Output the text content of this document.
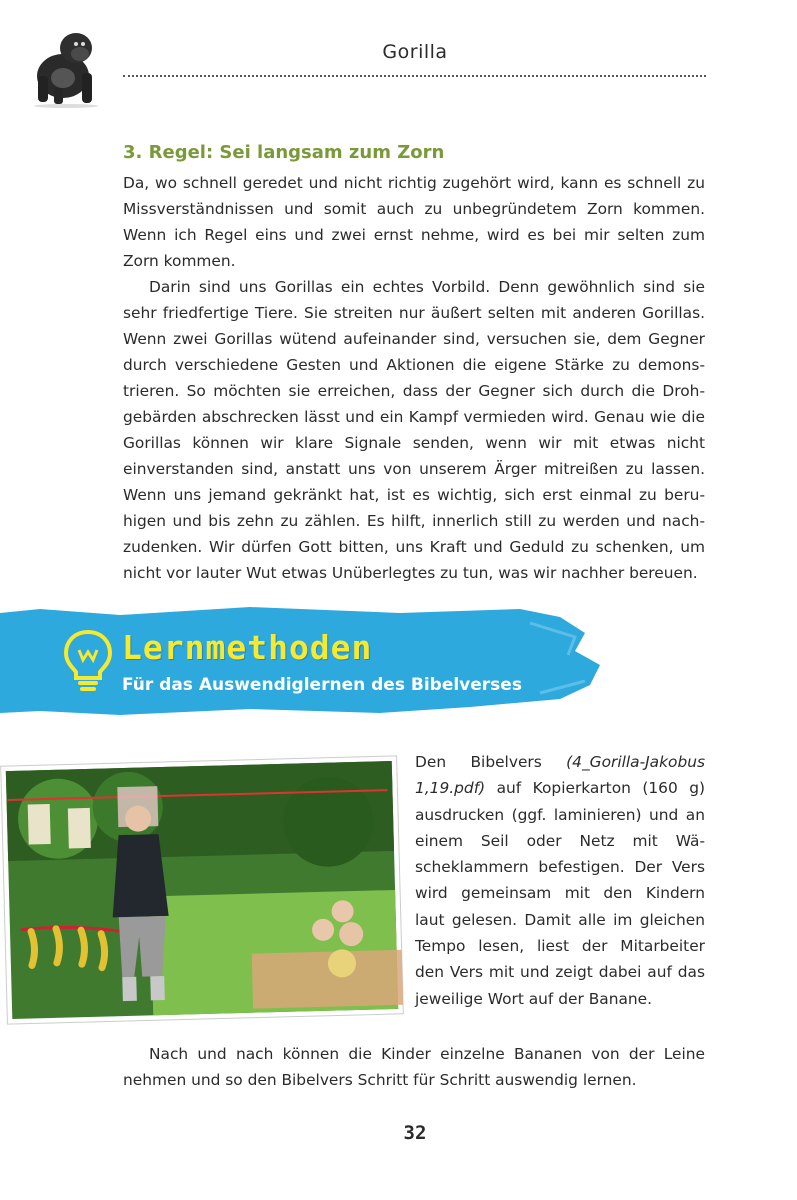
Gorilla
3. Regel: Sei langsam zum Zorn

Da, wo schnell geredet und nicht richtig zugehört wird, kann es schnell zu Missverständnissen und somit auch zu unbegründetem Zorn kommen. Wenn ich Regel eins und zwei ernst nehme, wird es bei mir selten zum Zorn kommen.

Darin sind uns Gorillas ein echtes Vorbild. Denn gewöhnlich sind sie sehr friedfertige Tiere. Sie streiten nur äußert selten mit anderen Gorillas. Wenn zwei Gorillas wütend aufeinander sind, versuchen sie, dem Gegner durch verschiedene Gesten und Aktionen die eigene Stärke zu demonstrieren. So möchten sie erreichen, dass der Gegner sich durch die Drohgebärden abschrecken lässt und ein Kampf vermieden wird. Genau wie die Gorillas können wir klare Signale senden, wenn wir mit etwas nicht einverstanden sind, anstatt uns von unserem Ärger mitreißen zu lassen. Wenn uns jemand gekränkt hat, ist es wichtig, sich erst einmal zu beruhigen und bis zehn zu zählen. Es hilft, innerlich still zu werden und nachzudenken. Wir dürfen Gott bitten, uns Kraft und Geduld zu schenken, um nicht vor lauter Wut etwas Unüberlegtes zu tun, was wir nachher bereuen.

Lernmethoden
Für das Auswendiglernen des Bibelverses

Den Bibelvers (4_Gorilla-Jakobus 1,19.pdf) auf Kopierkarton (160 g) ausdrucken (ggf. laminieren) und an einem Seil oder Netz mit Wäscheklammern befestigen. Der Vers wird gemeinsam mit den Kindern laut gelesen. Damit alle im gleichen Tempo lesen, liest der Mitarbeiter den Vers mit und zeigt dabei auf das jeweilige Wort auf der Banane.

Nach und nach können die Kinder einzelne Bananen von der Leine nehmen und so den Bibelvers Schritt für Schritt auswendig lernen.

32
